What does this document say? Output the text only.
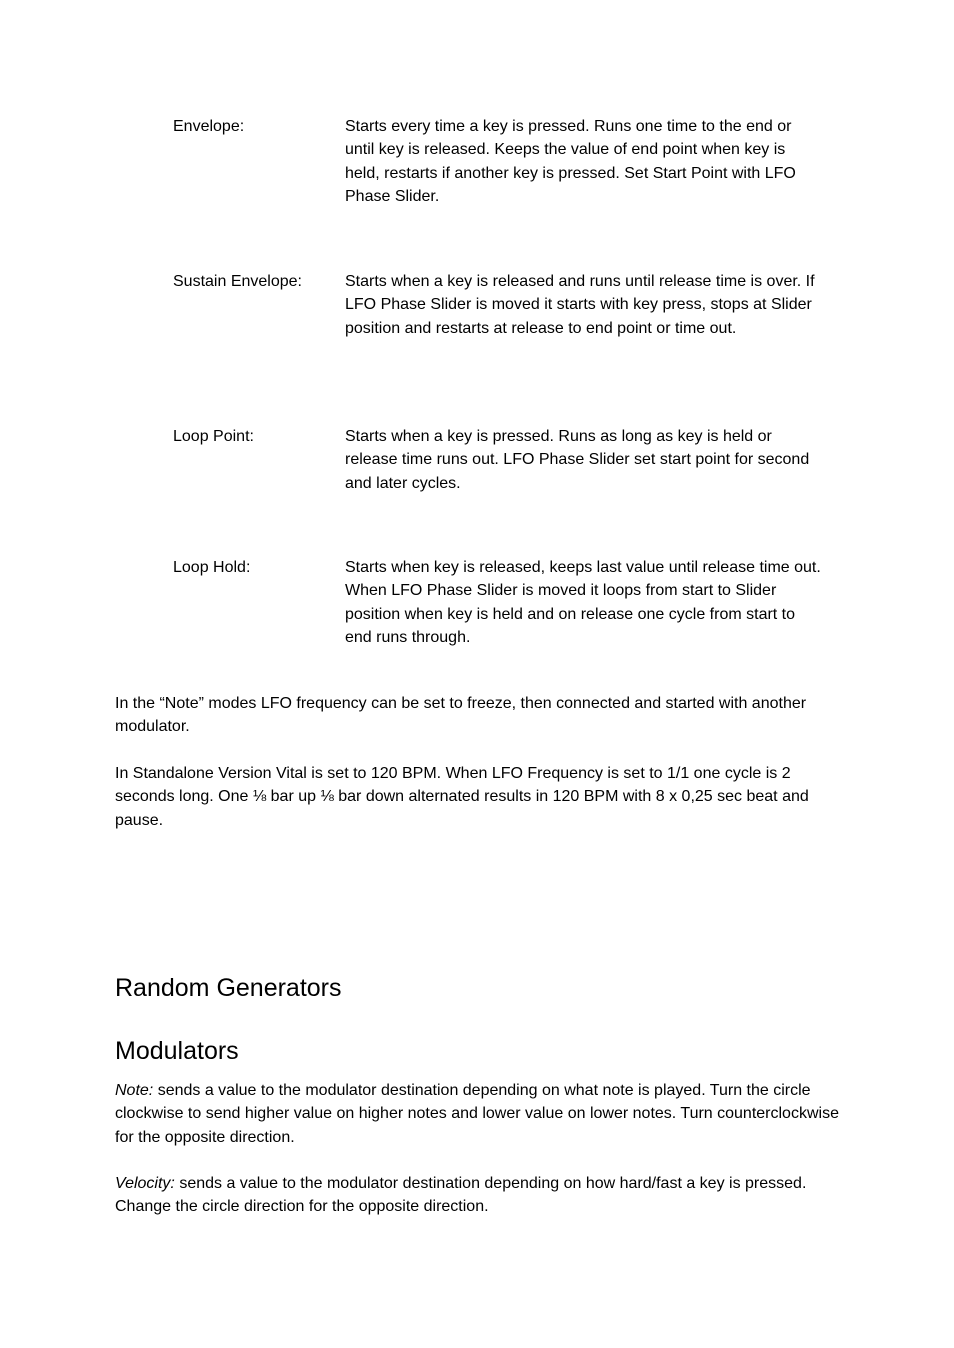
Envelope:	Starts every time a key is pressed. Runs one time to the end or until key is released. Keeps the value of end point when key is held, restarts if another key is pressed. Set Start Point with LFO Phase Slider.
Sustain Envelope:	Starts when a key is released and runs until release time is over. If LFO Phase Slider is moved it starts with key press, stops at Slider position and restarts at release to end point or time out.
Loop Point:	Starts when a key is pressed. Runs as long as key is held or release time runs out. LFO Phase Slider set start point for second and later cycles.
Loop Hold:	Starts when key is released, keeps last value until release time out. When LFO Phase Slider is moved it loops from start to Slider position when key is held and on release one cycle from start to end runs through.

In the “Note” modes LFO frequency can be set to freeze, then connected and started with another modulator.

In Standalone Version Vital is set to 120 BPM. When LFO Frequency is set to 1/1 one cycle is 2 seconds long. One ⅛ bar up ⅛ bar down alternated results in 120 BPM with 8 x 0,25 sec beat and pause.

Random Generators
Modulators

Note: sends a value to the modulator destination depending on what note is played. Turn the circle clockwise to send higher value on higher notes and lower value on lower notes. Turn counterclockwise for the opposite direction.

Velocity: sends a value to the modulator destination depending on how hard/fast a key is pressed. Change the circle direction for the opposite direction.
